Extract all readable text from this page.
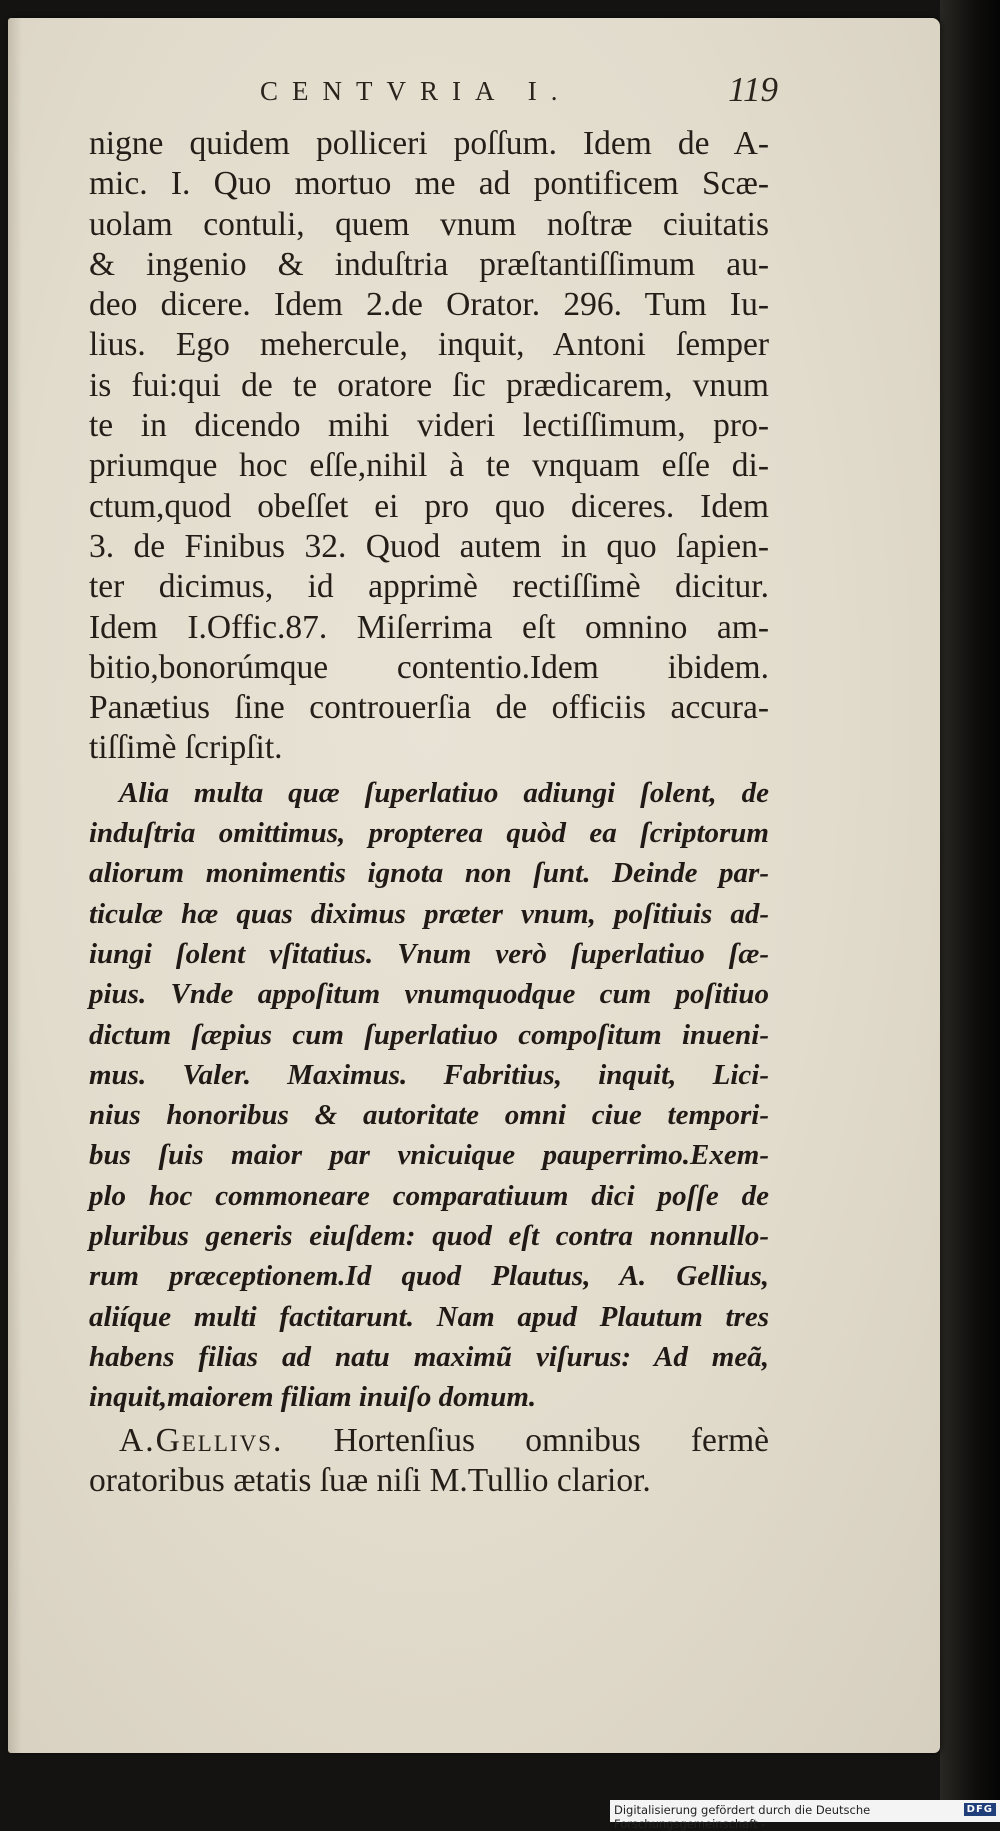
CENTVRIA I.	119
nigne quidem polliceri poſſum. Idem de A-
mic. I. Quo mortuo me ad pontificem Scæ-
uolam contuli, quem vnum noſtræ ciuitatis
& ingenio & induſtria præſtantiſſimum au-
deo dicere. Idem 2.de Orator. 296. Tum Iu-
lius. Ego mehercule, inquit, Antoni ſemper
is fui:qui de te oratore ſic prædicarem, vnum
te in dicendo mihi videri lectiſſimum, pro-
priumque hoc eſſe,nihil à te vnquam eſſe di-
ctum,quod obeſſet ei pro quo diceres. Idem
3. de Finibus 32. Quod autem in quo ſapien-
ter dicimus, id apprimè rectiſſimè dicitur.
Idem I.Offic.87. Miſerrima eſt omnino am-
bitio,bonorúmque contentio.Idem ibidem.
Panætius ſine controuerſia de officiis accura-
tiſſimè ſcripſit.
Alia multa quæ ſuperlatiuo adiungi ſolent, de
induſtria omittimus, propterea quòd ea ſcriptorum
aliorum monimentis ignota non ſunt. Deinde par-
ticulæ hæ quas diximus præter vnum, poſitiuis ad-
iungi ſolent vſitatius. Vnum verò ſuperlatiuo ſæ-
pius. Vnde appoſitum vnumquodque cum poſitiuo
dictum ſæpius cum ſuperlatiuo compoſitum inueni-
mus. Valer. Maximus. Fabritius, inquit, Lici-
nius honoribus & autoritate omni ciue tempori-
bus ſuis maior par vnicuique pauperrimo.Exem-
plo hoc commoneare comparatiuum dici poſſe de
pluribus generis eiuſdem: quod eſt contra nonnullo-
rum præceptionem.Id quod Plautus, A. Gellius,
aliíque multi factitarunt. Nam apud Plautum tres
habens filias ad natu maximũ viſurus: Ad meã,
inquit,maiorem filiam inuiſo domum.
A.Gellivs. Hortenſius omnibus fermè
oratoribus ætatis ſuæ niſi M.Tullio clarior.
Digitalisierung gefördert durch die Deutsche Forschungsgemeinschaft -
DFG
